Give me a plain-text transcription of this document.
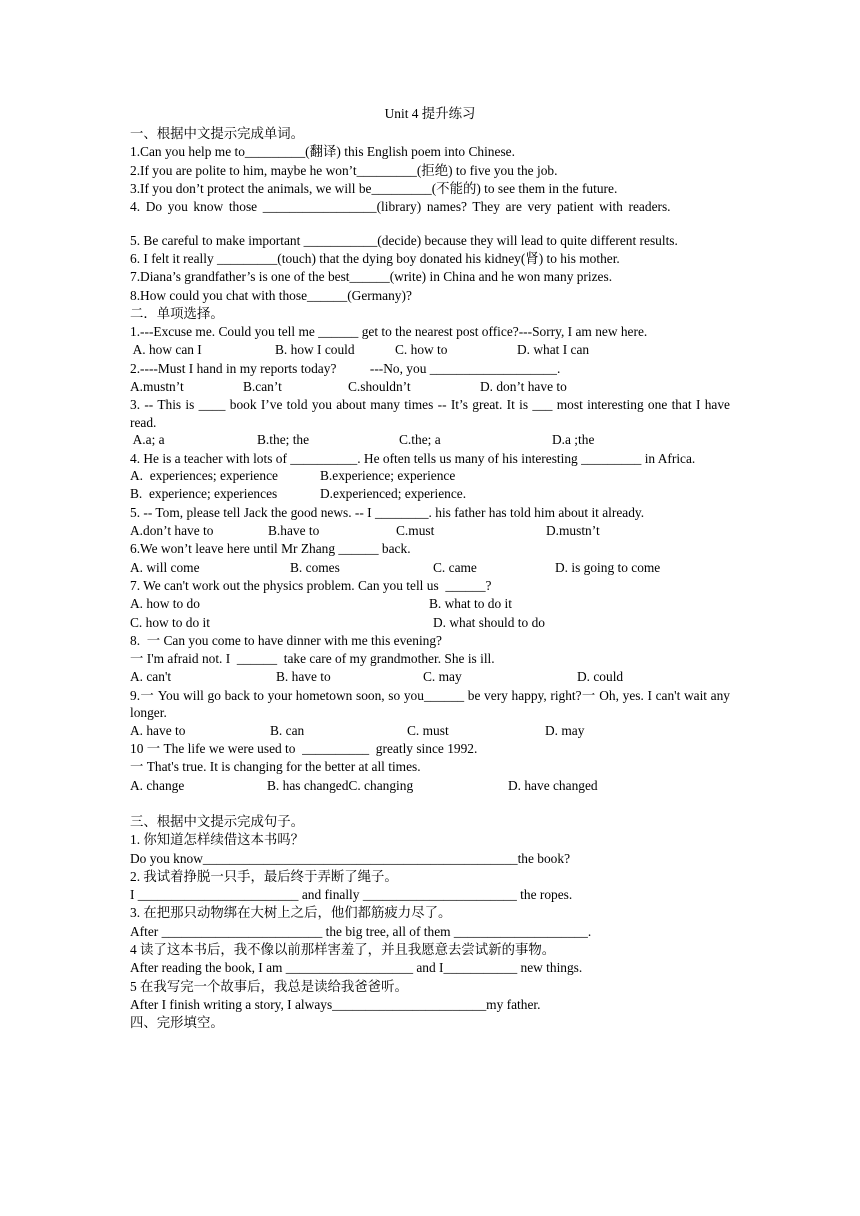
Unit 4 提升练习
一、根据中文提示完成单词。
1.Can you help me to_________(翻译) this English poem into Chinese.
2.If you are polite to him, maybe he won’t_________(拒绝) to five you the job.
3.If you don’t protect the animals, we will be_________(不能的) to see them in the future.
4. Do you know those _________________(library) names? They are very patient with readers.
5. Be careful to make important ___________(decide) because they will lead to quite different results.
6. I felt it really _________(touch) that the dying boy donated his kidney(肾) to his mother.
7.Diana’s grandfather’s is one of the best______(write) in China and he won many prizes.
8.How could you chat with those______(Germany)?
二．单项选择。
1.---Excuse me. Could you tell me ______ get to the nearest post office?---Sorry, I am new here.
A. how can I	B. how I could	C. how to	D. what I can
2.----Must I hand in my reports today?          ---No, you ___________________.
A.mustn’t	B.can’t	C.shouldn’t	D. don’t have to
3. -- This is ____ book I’ve told you about many times -- It’s great. It is ___ most interesting one that I have read.
A.a; a	B.the; the	C.the; a	D.a ;the
4. He is a teacher with lots of __________. He often tells us many of his interesting _________ in Africa.
A.  experiences; experience	B.experience; experience
B.  experience; experiences	D.experienced; experience.
5. -- Tom, please tell Jack the good news. -- I ________. his father has told him about it already.
A.don’t have to	B.have to	C.must	D.mustn’t
6.We won’t leave here until Mr Zhang ______ back.
A. will come	B. comes	C. came	D. is going to come
7. We can't work out the physics problem. Can you tell us  ______?
A. how to do	B. what to do it
C. how to do it	D. what should to do
8.  一 Can you come to have dinner with me this evening?
一 I'm afraid not. I  ______  take care of my grandmother. She is ill.
A. can't	B. have to	C. may	D. could
9.一 You will go back to your hometown soon, so you______ be very happy, right?一 Oh, yes. I can't wait any longer.
A. have to	B. can	C. must	D. may
10 一 The life we were used to  __________  greatly since 1992.
一 That's true. It is changing for the better at all times.
A. change	B. has changedC. changing	D. have changed
三、根据中文提示完成句子。
1. 你知道怎样续借这本书吗？
Do you know_______________________________________________the book?
2. 我试着挣脱一只手，最后终于弄断了绳子。
I ________________________ and finally _______________________ the ropes.
3. 在把那只动物绑在大树上之后，他们都筋疲力尽了。
After ________________________ the big tree, all of them ____________________.
4 读了这本书后，我不像以前那样害羞了，并且我愿意去尝试新的事物。
After reading the book, I am ___________________ and I___________ new things.
5 在我写完一个故事后，我总是读给我爸爸听。
After I finish writing a story, I always_______________________my father.
四、完形填空。
